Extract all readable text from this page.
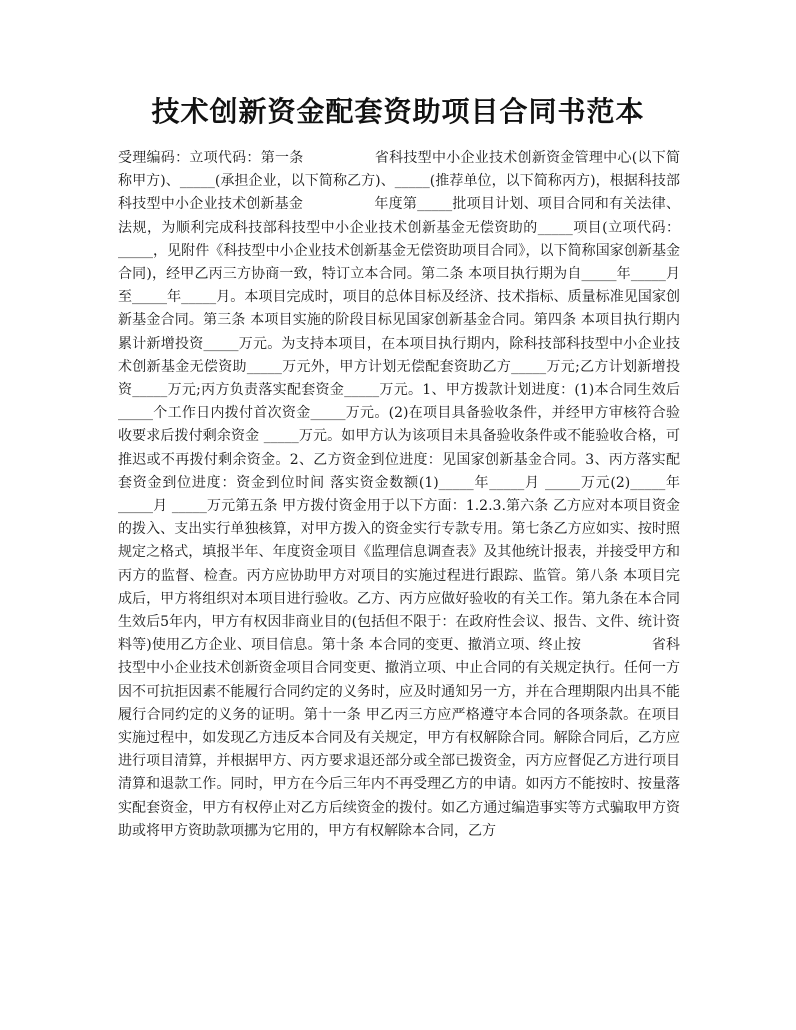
技术创新资金配套资助项目合同书范本

受理编码：立项代码：第一条　　　　　省科技型中小企业技术创新资金管理中心(以下简称甲方)、_____(承担企业，以下简称乙方)、_____(推荐单位，以下简称丙方)，根据科技部科技型中小企业技术创新基金　　　　　年度第_____批项目计划、项目合同和有关法律、法规，为顺利完成科技部科技型中小企业技术创新基金无偿资助的_____项目(立项代码：_____，见附件《科技型中小企业技术创新基金无偿资助项目合同》，以下简称国家创新基金合同)，经甲乙丙三方协商一致，特订立本合同。第二条 本项目执行期为自_____年_____月至_____年_____月。本项目完成时，项目的总体目标及经济、技术指标、质量标准见国家创新基金合同。第三条 本项目实施的阶段目标见国家创新基金合同。第四条 本项目执行期内累计新增投资_____万元。为支持本项目，在本项目执行期内，除科技部科技型中小企业技术创新基金无偿资助_____万元外，甲方计划无偿配套资助乙方_____万元;乙方计划新增投资_____万元;丙方负责落实配套资金_____万元。1、甲方拨款计划进度：(1)本合同生效后_____个工作日内拨付首次资金_____万元。(2)在项目具备验收条件，并经甲方审核符合验收要求后拨付剩余资金 _____万元。如甲方认为该项目未具备验收条件或不能验收合格，可推迟或不再拨付剩余资金。2、乙方资金到位进度：见国家创新基金合同。3、丙方落实配套资金到位进度：资金到位时间 落实资金数额(1)_____年_____月 _____万元(2)_____年_____月 _____万元第五条 甲方拨付资金用于以下方面：1.2.3.第六条 乙方应对本项目资金的拨入、支出实行单独核算，对甲方拨入的资金实行专款专用。第七条乙方应如实、按时照规定之格式，填报半年、年度资金项目《监理信息调查表》及其他统计报表，并接受甲方和丙方的监督、检查。丙方应协助甲方对项目的实施过程进行跟踪、监管。第八条 本项目完成后，甲方将组织对本项目进行验收。乙方、丙方应做好验收的有关工作。第九条在本合同生效后5年内，甲方有权因非商业目的(包括但不限于：在政府性会议、报告、文件、统计资料等)使用乙方企业、项目信息。第十条 本合同的变更、撤消立项、终止按　　　　　省科技型中小企业技术创新资金项目合同变更、撤消立项、中止合同的有关规定执行。任何一方因不可抗拒因素不能履行合同约定的义务时，应及时通知另一方，并在合理期限内出具不能履行合同约定的义务的证明。第十一条 甲乙丙三方应严格遵守本合同的各项条款。在项目实施过程中，如发现乙方违反本合同及有关规定，甲方有权解除合同。解除合同后，乙方应进行项目清算，并根据甲方、丙方要求退还部分或全部已拨资金，丙方应督促乙方进行项目清算和退款工作。同时，甲方在今后三年内不再受理乙方的申请。如丙方不能按时、按量落实配套资金，甲方有权停止对乙方后续资金的拨付。如乙方通过编造事实等方式骗取甲方资助或将甲方资助款项挪为它用的，甲方有权解除本合同，乙方
